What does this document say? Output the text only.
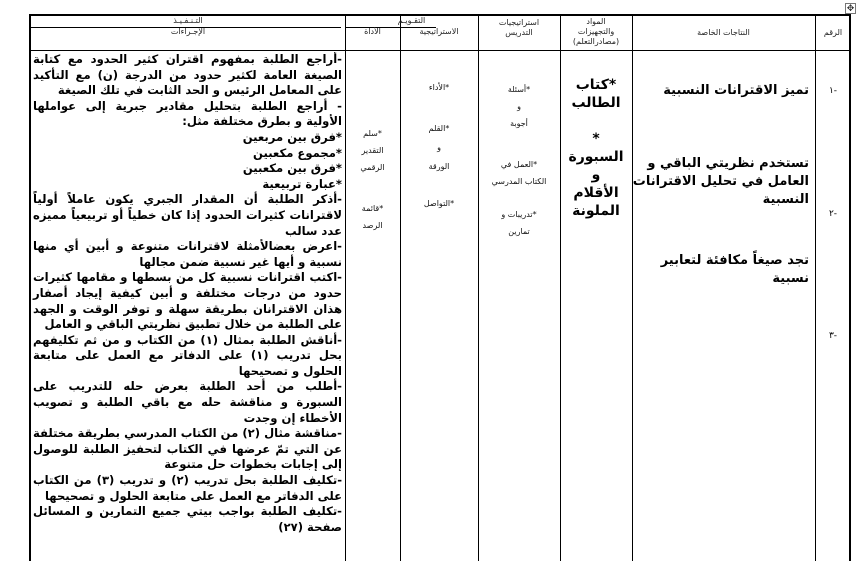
✥
التـنـفـيـذ
الإجـراءات
التقـويـم
الأداة	الاستراتيجية
استراتيجيات
التدريس
المواد
والتجهيزات
(مصادرالتعلم)
النتاجات الخاصة	الرقم

-أراجع الطلبة بمفهوم اقتران كثير الحدود مع كتابة الصيغة العامة لكثير حدود من الدرجة (ن) مع التأكيد على المعامل الرئيس و الحد الثابت في تلك الصيغة

- أراجع الطلبة بتحليل مقادير جبرية إلى عواملها الأولية و بطرق مختلفة مثل:

*فرق بين مربعين

*مجموع مكعبين

*فرق بين مكعبين

*عبارة تربيعية

-أذكر الطلبة أن المقدار الجبري يكون عاملاً أولياً لاقترانات كثيرات الحدود إذا كان خطياً أو تربيعياً مميزه عدد سالب

-اعرض بعضالأمثلة لاقترانات متنوعة و أبين أي منها نسبية و أيها غير نسبية ضمن مجالها

-اكتب اقترانات نسبية كل من بسطها و مقامها كثيرات حدود من درجات مختلفة و أبين كيفية إيجاد أصفار هذان الاقترانان بطريقة سهلة و توفر الوقت و الجهد على الطلبة من خلال تطبيق نظريتي الباقي و العامل

-أناقش الطلبة بمثال (١) من الكتاب و من ثم تكليفهم بحل تدريب (١) على الدفاتر مع العمل على متابعة الحلول و تصحيحها

-أطلب من أحد الطلبة بعرض حله للتدريب على السبورة و مناقشة حله مع باقي الطلبة و تصويب الأخطاء إن وجدت

-مناقشة مثال (٢) من الكتاب المدرسي بطريقة مختلفة عن التي تمّ عرضها في الكتاب لتحفيز الطلبة للوصول إلى إجابات بخطوات حل متنوعة

-تكليف الطلبة بحل تدريب (٢) و تدريب (٣) من الكتاب على الدفاتر مع العمل على متابعة الحلول و تصحيحها

-تكليف الطلبة بواجب بيتي جميع التمارين و المسائل صفحة (٢٧)

*سلم

التقدير

الرقمي

*قائمة

الرصد

*الأداء

*القلم

و

الورقة

*التواصل

*أسئلة

و

أجوبة

*العمل في

الكتاب المدرسي

*تدريبات و

تمارين

*كتاب

الطالب

*

السبورة

و

الأقلام

الملونة

تميز الاقترانات النسبية
تستخدم نظريتي الباقي و العامل في تحليل الاقترانات النسبية
تجد صيغاً مكافئة لتعابير نسبية
-١
-٢
-٣
